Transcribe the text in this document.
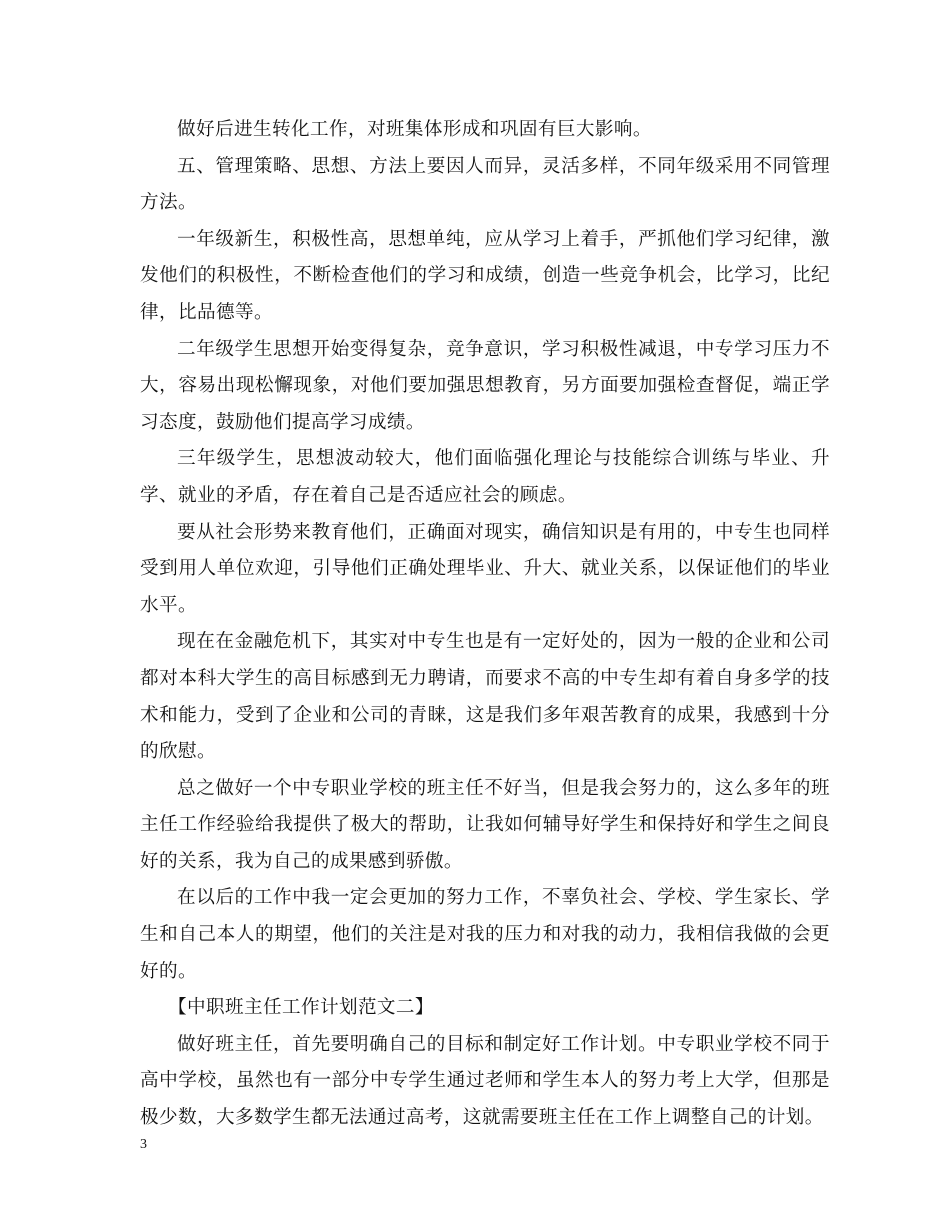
做好后进生转化工作，对班集体形成和巩固有巨大影响。

五、管理策略、思想、方法上要因人而异，灵活多样，不同年级采用不同管理方法。

一年级新生，积极性高，思想单纯，应从学习上着手，严抓他们学习纪律，激发他们的积极性，不断检查他们的学习和成绩，创造一些竞争机会，比学习，比纪律，比品德等。

二年级学生思想开始变得复杂，竞争意识，学习积极性减退，中专学习压力不大，容易出现松懈现象，对他们要加强思想教育，另方面要加强检查督促，端正学习态度，鼓励他们提高学习成绩。

三年级学生，思想波动较大，他们面临强化理论与技能综合训练与毕业、升学、就业的矛盾，存在着自己是否适应社会的顾虑。

要从社会形势来教育他们，正确面对现实，确信知识是有用的，中专生也同样受到用人单位欢迎，引导他们正确处理毕业、升大、就业关系，以保证他们的毕业水平。

现在在金融危机下，其实对中专生也是有一定好处的，因为一般的企业和公司都对本科大学生的高目标感到无力聘请，而要求不高的中专生却有着自身多学的技术和能力，受到了企业和公司的青睐，这是我们多年艰苦教育的成果，我感到十分的欣慰。

总之做好一个中专职业学校的班主任不好当，但是我会努力的，这么多年的班主任工作经验给我提供了极大的帮助，让我如何辅导好学生和保持好和学生之间良好的关系，我为自己的成果感到骄傲。

在以后的工作中我一定会更加的努力工作，不辜负社会、学校、学生家长、学生和自己本人的期望，他们的关注是对我的压力和对我的动力，我相信我做的会更好的。

【中职班主任工作计划范文二】

做好班主任，首先要明确自己的目标和制定好工作计划。中专职业学校不同于高中学校，虽然也有一部分中专学生通过老师和学生本人的努力考上大学，但那是极少数，大多数学生都无法通过高考，这就需要班主任在工作上调整自己的计划。

3
